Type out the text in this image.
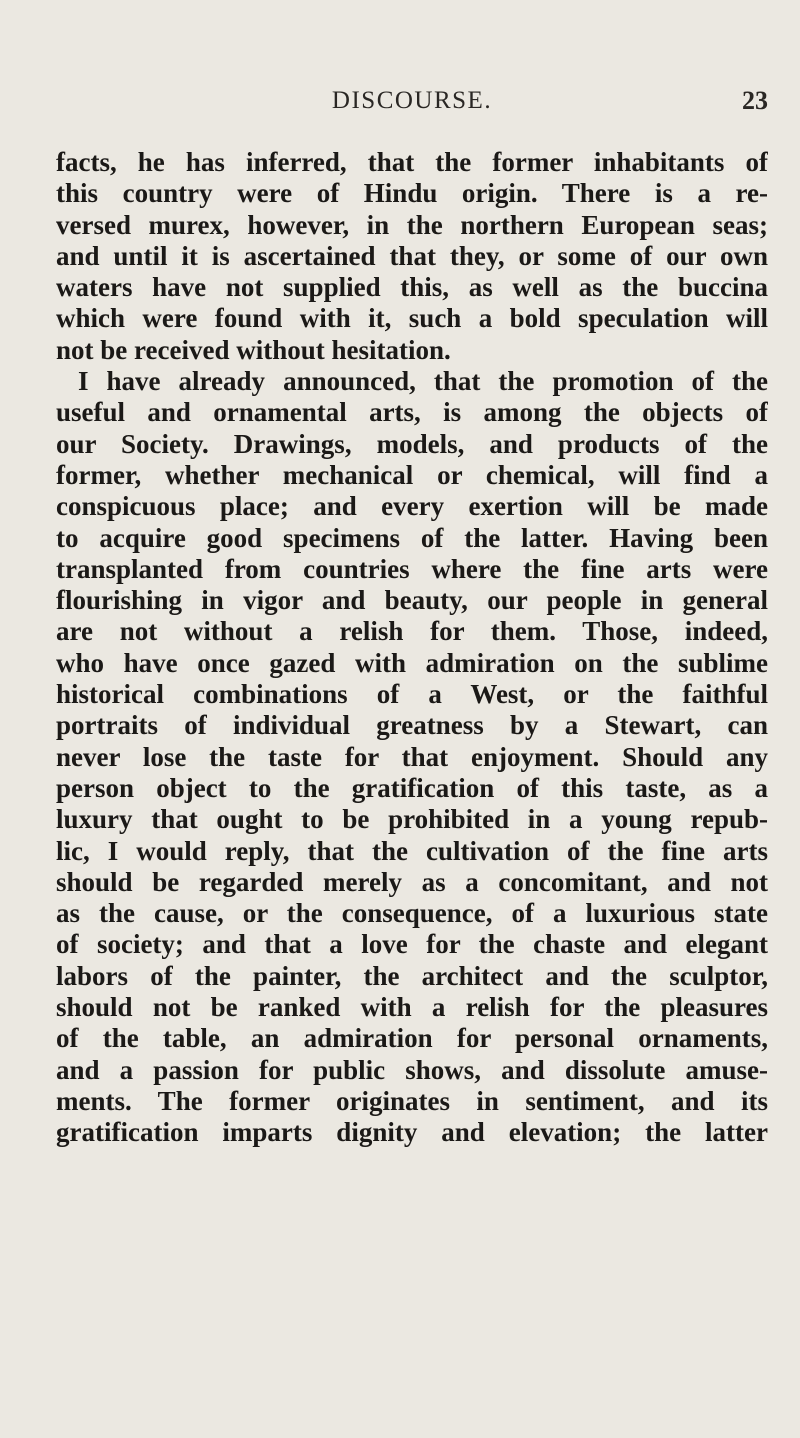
DISCOURSE.	23
facts, he has inferred, that the former inhabitants of
this country were of Hindu origin. There is a re-
versed murex, however, in the northern European seas;
and until it is ascertained that they, or some of our own
waters have not supplied this, as well as the buccina
which were found with it, such a bold speculation will
not be received without hesitation.
I have already announced, that the promotion of the
useful and ornamental arts, is among the objects of
our Society. Drawings, models, and products of the
former, whether mechanical or chemical, will find a
conspicuous place; and every exertion will be made
to acquire good specimens of the latter. Having been
transplanted from countries where the fine arts were
flourishing in vigor and beauty, our people in general
are not without a relish for them. Those, indeed,
who have once gazed with admiration on the sublime
historical combinations of a West, or the faithful
portraits of individual greatness by a Stewart, can
never lose the taste for that enjoyment. Should any
person object to the gratification of this taste, as a
luxury that ought to be prohibited in a young repub-
lic, I would reply, that the cultivation of the fine arts
should be regarded merely as a concomitant, and not
as the cause, or the consequence, of a luxurious state
of society; and that a love for the chaste and elegant
labors of the painter, the architect and the sculptor,
should not be ranked with a relish for the pleasures
of the table, an admiration for personal ornaments,
and a passion for public shows, and dissolute amuse-
ments. The former originates in sentiment, and its
gratification imparts dignity and elevation; the latter
